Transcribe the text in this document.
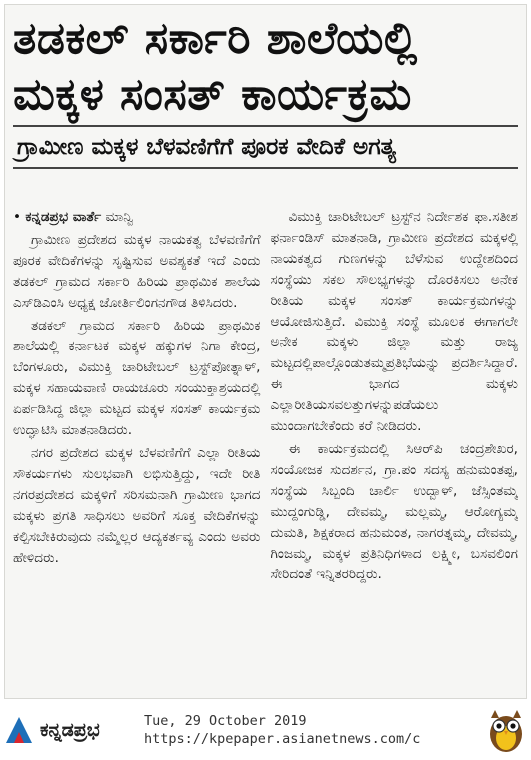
ತಡಕಲ್ ಸರ್ಕಾರಿ ಶಾಲೆಯಲ್ಲಿ
ಮಕ್ಕಳ ಸಂಸತ್ ಕಾರ್ಯಕ್ರಮ
ಗ್ರಾಮೀಣ ಮಕ್ಕಳ ಬೆಳವಣಿಗೆಗೆ ಪೂರಕ ವೇದಿಕೆ ಅಗತ್ಯ

• ಕನ್ನಡಪ್ರಭ ವಾರ್ತೆ ಮಾನ್ವಿ

ಗ್ರಾಮೀಣ ಪ್ರದೇಶದ ಮಕ್ಕಳ ನಾಯಕತ್ವ ಬೆಳವಣಿಗೆಗೆ ಪೂರಕ ವೇದಿಕೆಗಳನ್ನು ಸೃಷ್ಟಿಸುವ ಅವಶ್ಯಕತೆ ಇದೆ ಎಂದು ತಡಕಲ್ ಗ್ರಾಮದ ಸರ್ಕಾರಿ ಹಿರಿಯ ಪ್ರಾಥಮಿಕ ಶಾಲೆಯ ಎಸ್‌ಡಿಎಂಸಿ ಅಧ್ಯಕ್ಷ ಜೋರ್ತಿಲಿಂಗನಗೌಡ ತಿಳಿಸಿದರು.

ತಡಕಲ್ ಗ್ರಾಮದ ಸರ್ಕಾರಿ ಹಿರಿಯ ಪ್ರಾಥಮಿಕ ಶಾಲೆಯಲ್ಲಿ ಕರ್ನಾಟಕ ಮಕ್ಕಳ ಹಕ್ಕುಗಳ ನಿಗಾ ಕೇಂದ್ರ, ಬೆಂಗಳೂರು, ವಿಮುಕ್ತಿ ಚಾರಿಟೇಬಲ್ ಟ್ರಸ್ಟ್‌ಪೋತ್ನಾಳ್, ಮಕ್ಕಳ ಸಹಾಯವಾಣಿ ರಾಯಚೂರು ಸಂಯುಕ್ತಾಶ್ರಯದಲ್ಲಿ ಏರ್ಪಡಿಸಿದ್ದ ಜಿಲ್ಲಾ ಮಟ್ಟದ ಮಕ್ಕಳ ಸಂಸತ್ ಕಾರ್ಯಕ್ರಮ ಉದ್ಘಾಟಿಸಿ ಮಾತನಾಡಿದರು.

ನಗರ ಪ್ರದೇಶದ ಮಕ್ಕಳ ಬೆಳವಣಿಗೆಗೆ ಎಲ್ಲಾ ರೀತಿಯ ಸೌಕರ್ಯಗಳು ಸುಲಭವಾಗಿ ಲಭಿಸುತ್ತಿದ್ದು, ಇದೇ ರೀತಿ ನಗರಪ್ರದೇಶದ ಮಕ್ಕಳಿಗೆ ಸರಿಸಮನಾಗಿ ಗ್ರಾಮೀಣ ಭಾಗದ ಮಕ್ಕಳು ಪ್ರಗತಿ ಸಾಧಿಸಲು ಅವರಿಗೆ ಸೂಕ್ತ ವೇದಿಕೆಗಳನ್ನು ಕಲ್ಪಿಸಬೇಕಿರುವುದು ನಮ್ಮೆಲ್ಲರ ಆದ್ಯಕರ್ತವ್ಯ ಎಂದು ಅವರು ಹೇಳಿದರು.

ವಿಮುಕ್ತಿ ಚಾರಿಟೇಬಲ್ ಟ್ರಸ್ಟ್‌ನ ನಿರ್ದೇಶಕ ಫಾ.ಸತೀಶ ಫರ್ನಾಂಡಿಸ್ ಮಾತನಾಡಿ, ಗ್ರಾಮೀಣ ಪ್ರದೇಶದ ಮಕ್ಕಳಲ್ಲಿ ನಾಯಕತ್ವದ ಗುಣಗಳನ್ನು ಬೆಳೆಸುವ ಉದ್ದೇಶದಿಂದ ಸಂಸ್ಥೆಯು ಸಕಲ ಸೌಲಭ್ಯಗಳನ್ನು ದೊರಕಿಸಲು ಅನೇಕ ರೀತಿಯ ಮಕ್ಕಳ ಸಂಸತ್ ಕಾರ್ಯಕ್ರಮಗಳನ್ನು ಆಯೋಜಿಸುತ್ತಿದೆ. ವಿಮುಕ್ತಿ ಸಂಸ್ಥೆ ಮೂಲಕ ಈಗಾಗಲೇ ಅನೇಕ ಮಕ್ಕಳು ಜಿಲ್ಲಾ ಮತ್ತು ರಾಜ್ಯ ಮಟ್ಟದಲ್ಲಿಪಾಲ್ಗೊಂಡುತಮ್ಮಪ್ರತಿಭೆಯನ್ನು ಪ್ರದರ್ಶಿಸಿದ್ದಾರೆ. ಈ ಭಾಗದ ಮಕ್ಕಳು ಎಲ್ಲಾರೀತಿಯಸವಲತ್ತುಗಳನ್ನುಪಡೆಯಲು ಮುಂದಾಗಬೇಕೆಂದು ಕರೆ ನೀಡಿದರು.

ಈ ಕಾರ್ಯಕ್ರಮದಲ್ಲಿ ಸಿಆರ್‌ಪಿ ಚಂದ್ರಶೇಖರ, ಸಂಯೋಜಕ ಸುದರ್ಶನ, ಗ್ರಾ.ಪಂ ಸದಸ್ಯ ಹನುಮಂತಪ್ಪ, ಸಂಸ್ಥೆಯ ಸಿಬ್ಬಂದಿ ಚಾರ್ಲಿ ಉದ್ಬಾಳ್, ಜೆಸ್ಸಿಂತಮ್ಮ ಮುದ್ದಂಗುಡ್ಡಿ, ದೇವಮ್ಮ, ಮಲ್ಲಮ್ಮ, ಆರೋಗ್ಯಮ್ಮ ದುಮತಿ, ಶಿಕ್ಷಕರಾದ ಹನುಮಂತ, ನಾಗರತ್ನಮ್ಮ, ದೇವಮ್ಮ, ಗಿಂಜಮ್ಮ, ಮಕ್ಕಳ ಪ್ರತಿನಿಧಿಗಳಾದ ಲಕ್ಷ್ಮೀ, ಬಸವಲಿಂಗ ಸೇರಿದಂತೆ ಇನ್ನಿತರರಿದ್ದರು.

ಕನ್ನಡಪ್ರಭ	Tue, 29 October 2019
https://kpepaper.asianetnews.com/c
